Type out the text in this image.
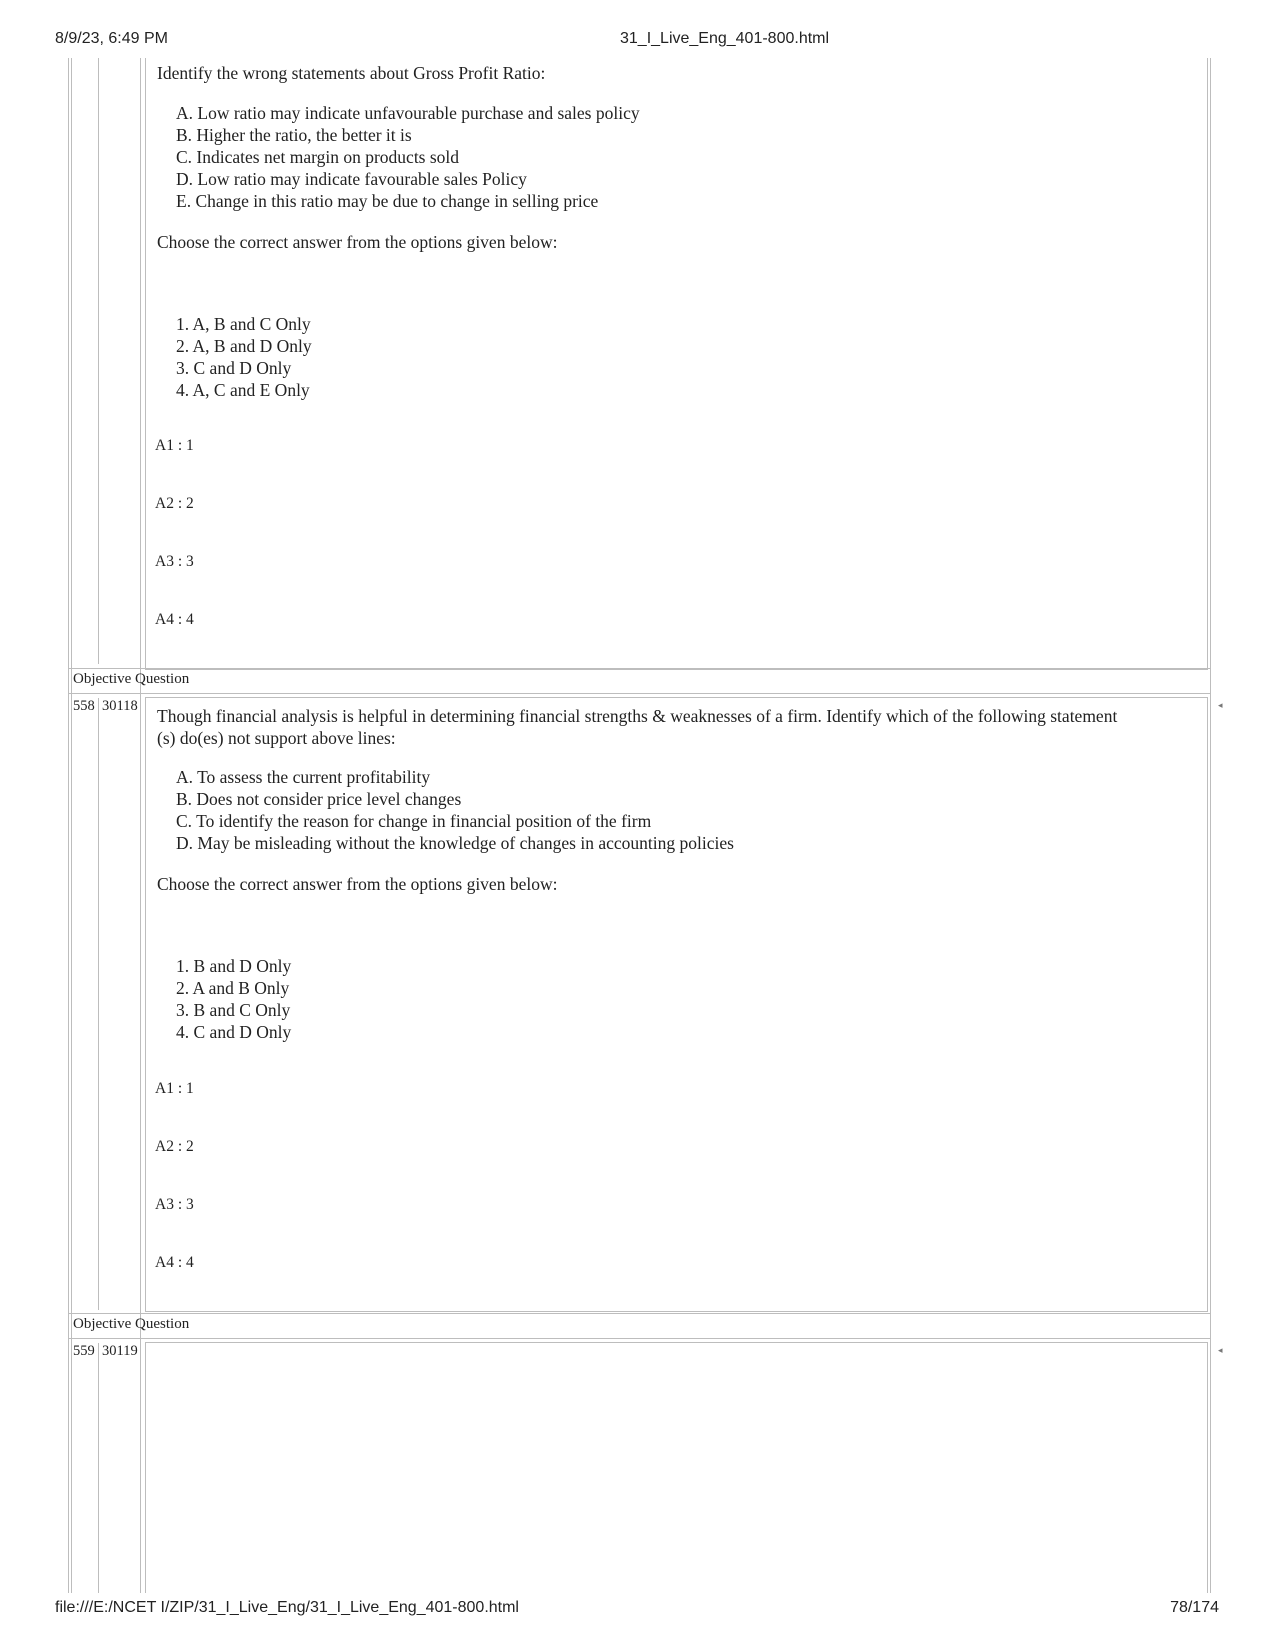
8/9/23, 6:49 PM	31_I_Live_Eng_401-800.html
Identify the wrong statements about Gross Profit Ratio:
A. Low ratio may indicate unfavourable purchase and sales policy
B. Higher the ratio, the better it is
C. Indicates net margin on products sold
D. Low ratio may indicate favourable sales Policy
E. Change in this ratio may be due to change in selling price
Choose the correct answer from the options given below:
1. A, B and C Only
2. A, B and D Only
3. C and D Only
4. A, C and E Only
A1 : 1
A2 : 2
A3 : 3
A4 : 4
Objective Question
558 30118	◂
Though financial analysis is helpful in determining financial strengths & weaknesses of a firm. Identify which of the following statement
(s) do(es) not support above lines:
A. To assess the current profitability
B. Does not consider price level changes
C. To identify the reason for change in financial position of the firm
D. May be misleading without the knowledge of changes in accounting policies
Choose the correct answer from the options given below:
1. B and D Only
2. A and B Only
3. B and C Only
4. C and D Only
A1 : 1
A2 : 2
A3 : 3
A4 : 4
Objective Question
559 30119	◂
file:///E:/NCET I/ZIP/31_I_Live_Eng/31_I_Live_Eng_401-800.html	78/174
